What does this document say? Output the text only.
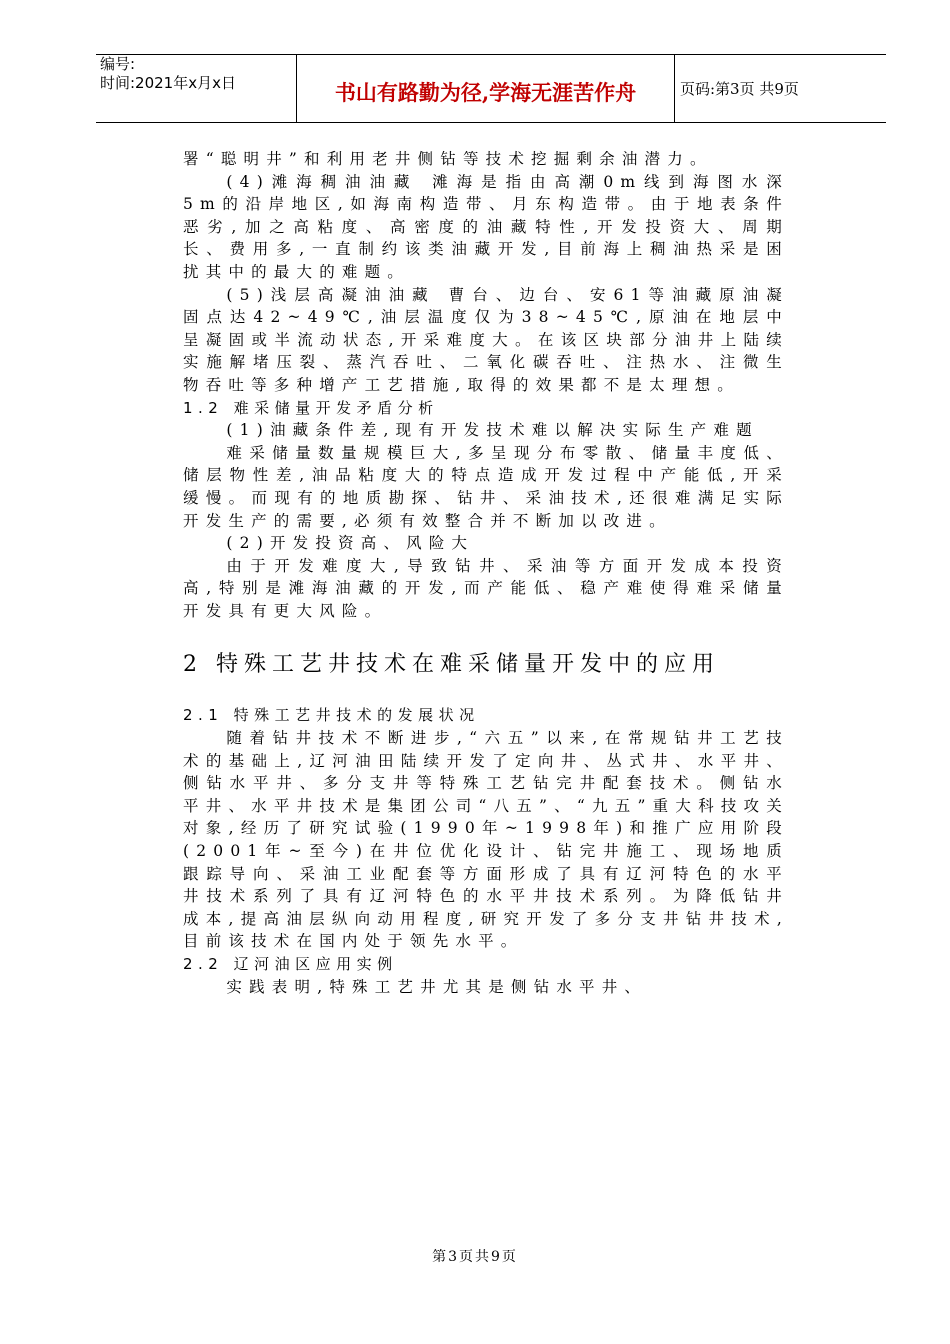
编号:
时间:2021年x月x日	书山有路勤为径,学海无涯苦作舟	页码:第3页 共9页

署“聪明井”和利用老井侧钻等技术挖掘剩余油潜力。

(4)滩海稠油油藏 滩海是指由高潮0m线到海图水深5m的沿岸地区,如海南构造带、月东构造带。由于地表条件恶劣,加之高粘度、高密度的油藏特性,开发投资大、周期长、费用多,一直制约该类油藏开发,目前海上稠油热采是困扰其中的最大的难题。

(5)浅层高凝油油藏 曹台、边台、安61等油藏原油凝固点达42~49℃,油层温度仅为38~45℃,原油在地层中呈凝固或半流动状态,开采难度大。在该区块部分油井上陆续实施解堵压裂、蒸汽吞吐、二氧化碳吞吐、注热水、注微生物吞吐等多种增产工艺措施,取得的效果都不是太理想。

1.2 难采储量开发矛盾分析

(1)油藏条件差,现有开发技术难以解决实际生产难题

难采储量数量规模巨大,多呈现分布零散、储量丰度低、储层物性差,油品粘度大的特点造成开发过程中产能低,开采缓慢。而现有的地质勘探、钻井、采油技术,还很难满足实际开发生产的需要,必须有效整合并不断加以改进。

(2)开发投资高、风险大

由于开发难度大,导致钻井、采油等方面开发成本投资高,特别是滩海油藏的开发,而产能低、稳产难使得难采储量开发具有更大风险。

2 特殊工艺井技术在难采储量开发中的应用

2.1 特殊工艺井技术的发展状况

随着钻井技术不断进步,“六五”以来,在常规钻井工艺技术的基础上,辽河油田陆续开发了定向井、丛式井、水平井、侧钻水平井、多分支井等特殊工艺钻完井配套技术。侧钻水平井、水平井技术是集团公司“八五”、“九五”重大科技攻关对象,经历了研究试验(1990年~1998年)和推广应用阶段(2001年~至今)在井位优化设计、钻完井施工、现场地质跟踪导向、采油工业配套等方面形成了具有辽河特色的水平井技术系列了具有辽河特色的水平井技术系列。为降低钻井成本,提高油层纵向动用程度,研究开发了多分支井钻井技术,目前该技术在国内处于领先水平。

2.2 辽河油区应用实例

实践表明,特殊工艺井尤其是侧钻水平井、

第3页共9页
